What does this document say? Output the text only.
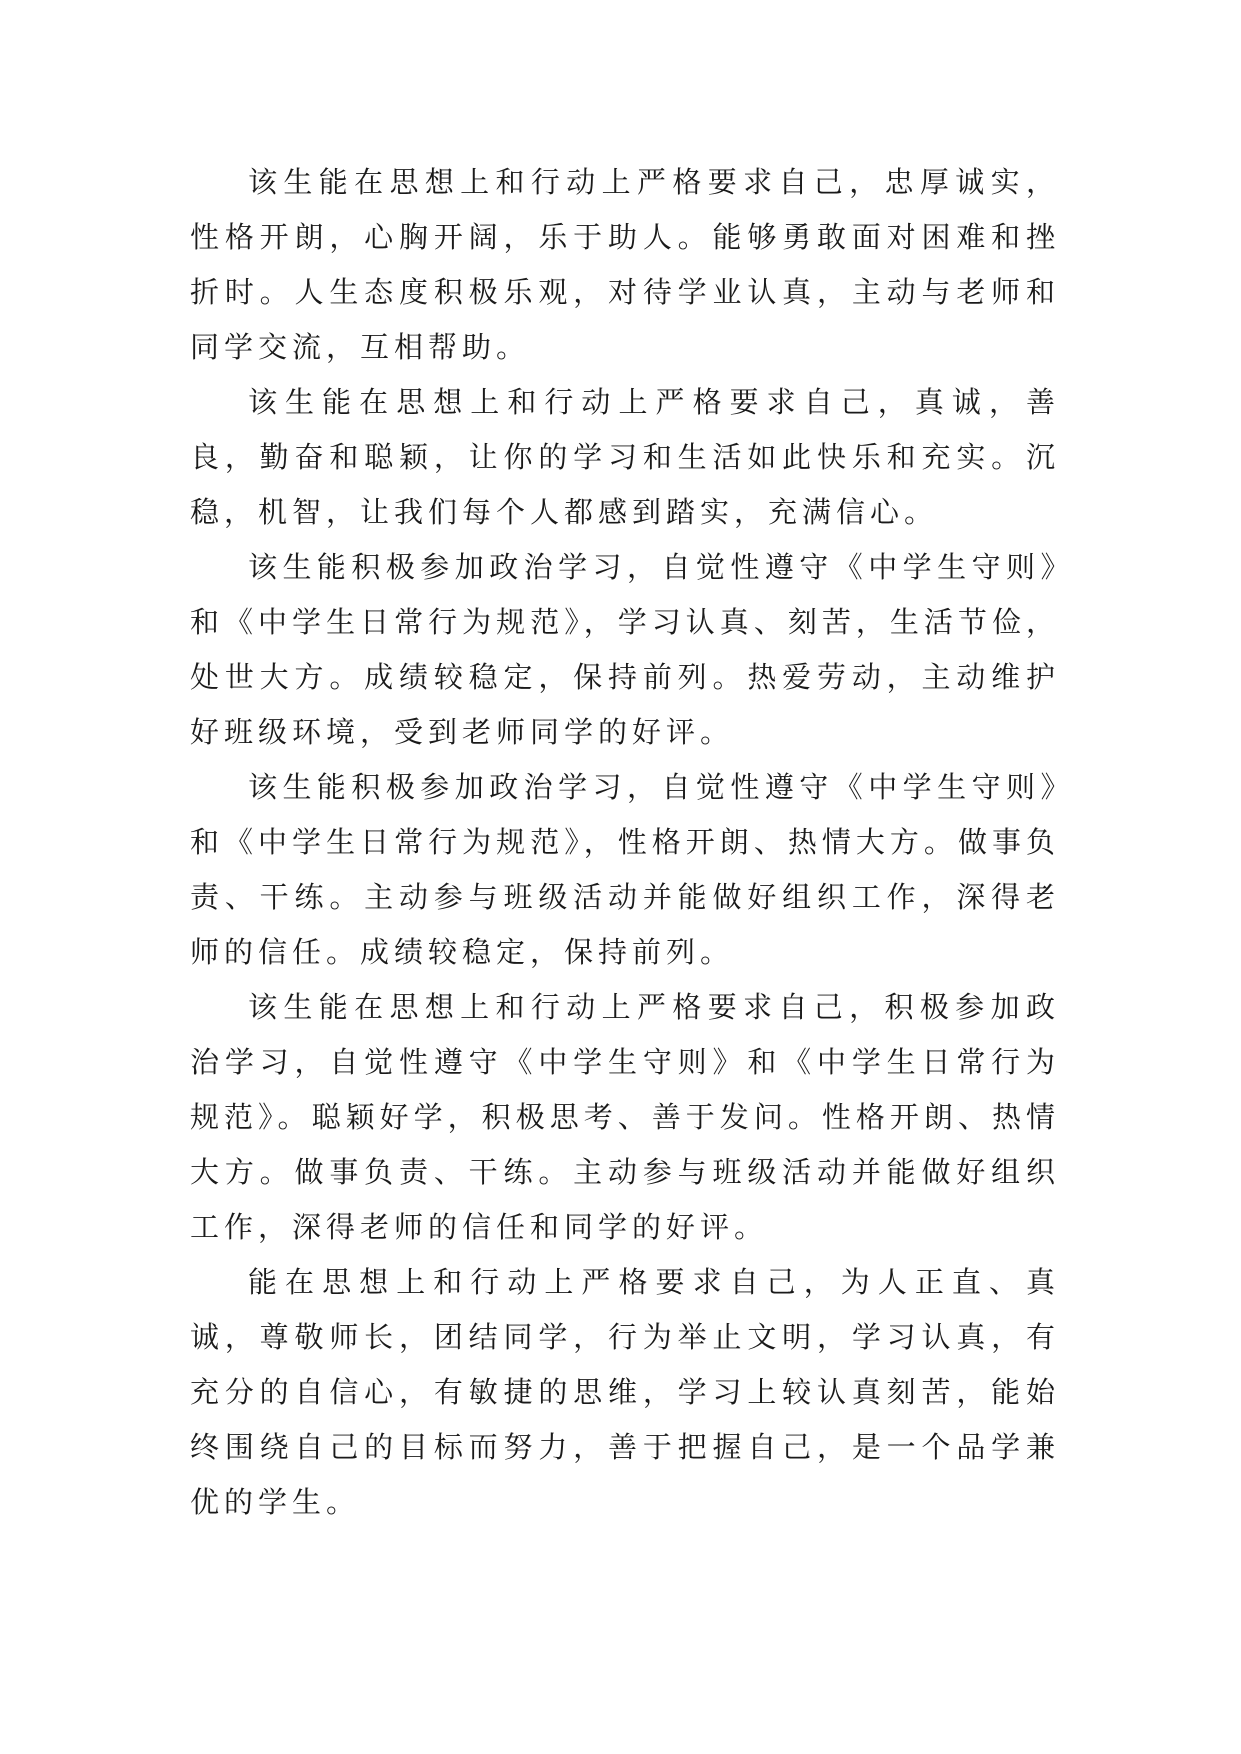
该生能在思想上和行动上严格要求自己，忠厚诚实，性格开朗，心胸开阔，乐于助人。能够勇敢面对困难和挫折时。人生态度积极乐观，对待学业认真，主动与老师和同学交流，互相帮助。

该生能在思想上和行动上严格要求自己，真诚，善良，勤奋和聪颖，让你的学习和生活如此快乐和充实。沉稳，机智，让我们每个人都感到踏实，充满信心。

该生能积极参加政治学习，自觉性遵守《中学生守则》和《中学生日常行为规范》，学习认真、刻苦，生活节俭，处世大方。成绩较稳定，保持前列。热爱劳动，主动维护好班级环境，受到老师同学的好评。

该生能积极参加政治学习，自觉性遵守《中学生守则》和《中学生日常行为规范》，性格开朗、热情大方。做事负责、干练。主动参与班级活动并能做好组织工作，深得老师的信任。成绩较稳定，保持前列。

该生能在思想上和行动上严格要求自己，积极参加政治学习，自觉性遵守《中学生守则》和《中学生日常行为规范》。聪颖好学，积极思考、善于发问。性格开朗、热情大方。做事负责、干练。主动参与班级活动并能做好组织工作，深得老师的信任和同学的好评。

能在思想上和行动上严格要求自己，为人正直、真诚，尊敬师长，团结同学，行为举止文明，学习认真，有充分的自信心，有敏捷的思维，学习上较认真刻苦，能始终围绕自己的目标而努力，善于把握自己，是一个品学兼优的学生。
